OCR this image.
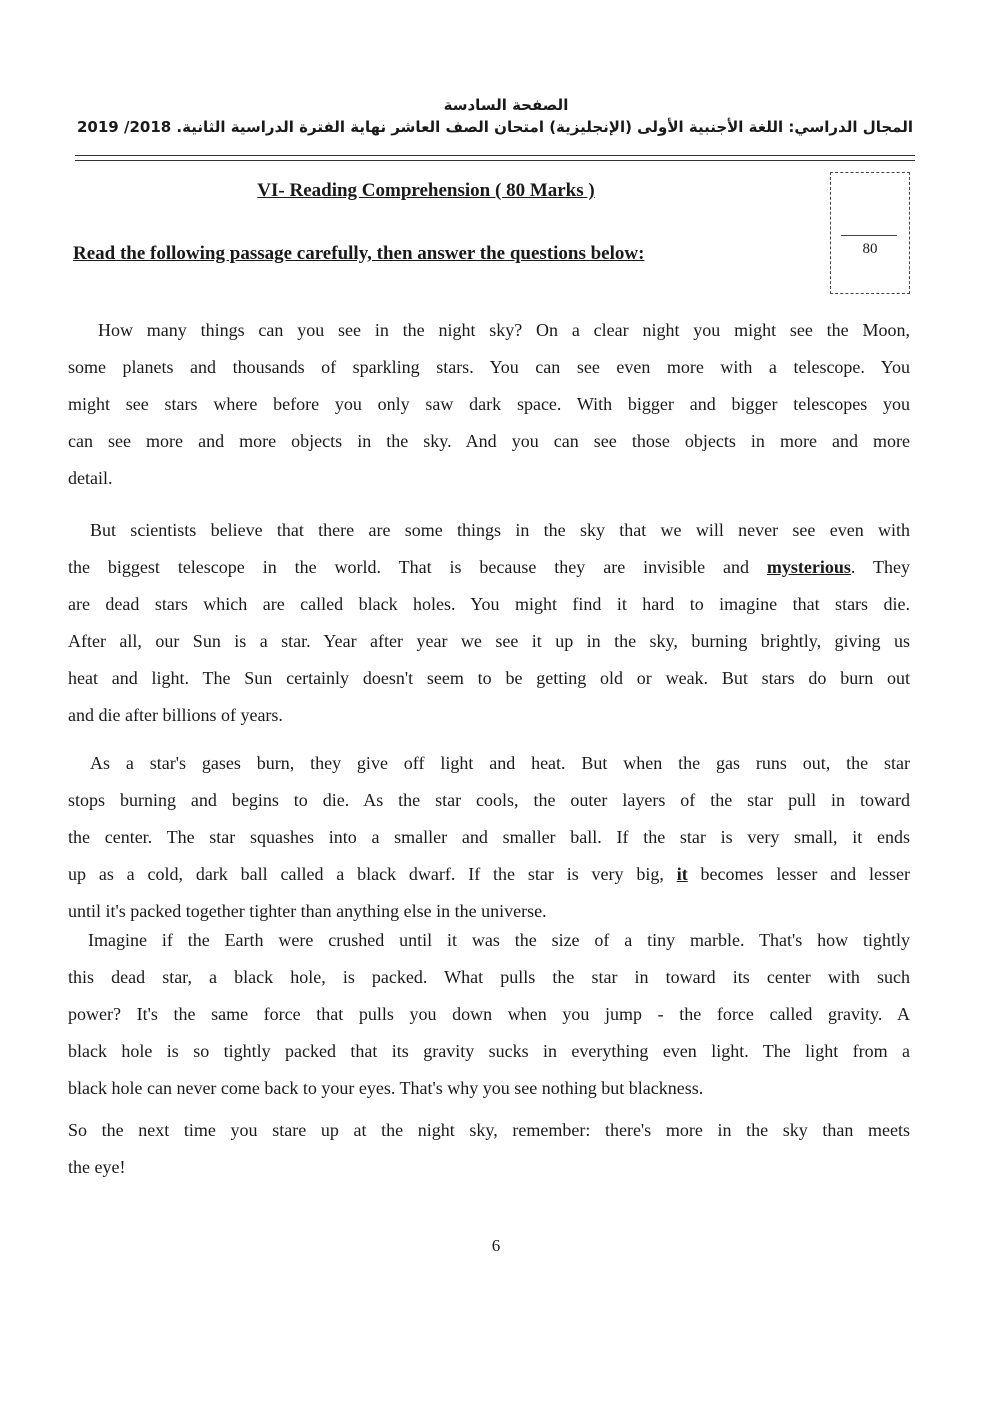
الصفحة السادسة
المجال الدراسي: اللغة الأجنبية الأولى (الإنجليزية) امتحان الصف العاشر نهاية الفترة الدراسية الثانية. 2018/ 2019
VI- Reading Comprehension ( 80 Marks )
Read the following passage carefully, then answer the questions below:	80
How many things can you see in the night sky? On a clear night you might see the Moon,
some planets and thousands of sparkling stars. You can see even more with a telescope. You
might see stars where before you only saw dark space. With bigger and bigger telescopes you
can see more and more objects in the sky. And you can see those objects in more and more
detail.
But scientists believe that there are some things in the sky that we will never see even with
the biggest telescope in the world. That is because they are invisible and mysterious. They
are dead stars which are called black holes. You might find it hard to imagine that stars die.
After all, our Sun is a star. Year after year we see it up in the sky, burning brightly, giving us
heat and light. The Sun certainly doesn't seem to be getting old or weak. But stars do burn out
and die after billions of years.
As a star's gases burn, they give off light and heat. But when the gas runs out, the star
stops burning and begins to die. As the star cools, the outer layers of the star pull in toward
the center. The star squashes into a smaller and smaller ball. If the star is very small, it ends
up as a cold, dark ball called a black dwarf. If the star is very big, it becomes lesser and lesser
until it's packed together tighter than anything else in the universe.
Imagine if the Earth were crushed until it was the size of a tiny marble. That's how tightly
this dead star, a black hole, is packed. What pulls the star in toward its center with such
power? It's the same force that pulls you down when you jump - the force called gravity. A
black hole is so tightly packed that its gravity sucks in everything even light. The light from a
black hole can never come back to your eyes. That's why you see nothing but blackness.
So the next time you stare up at the night sky, remember: there's more in the sky than meets
the eye!
6
